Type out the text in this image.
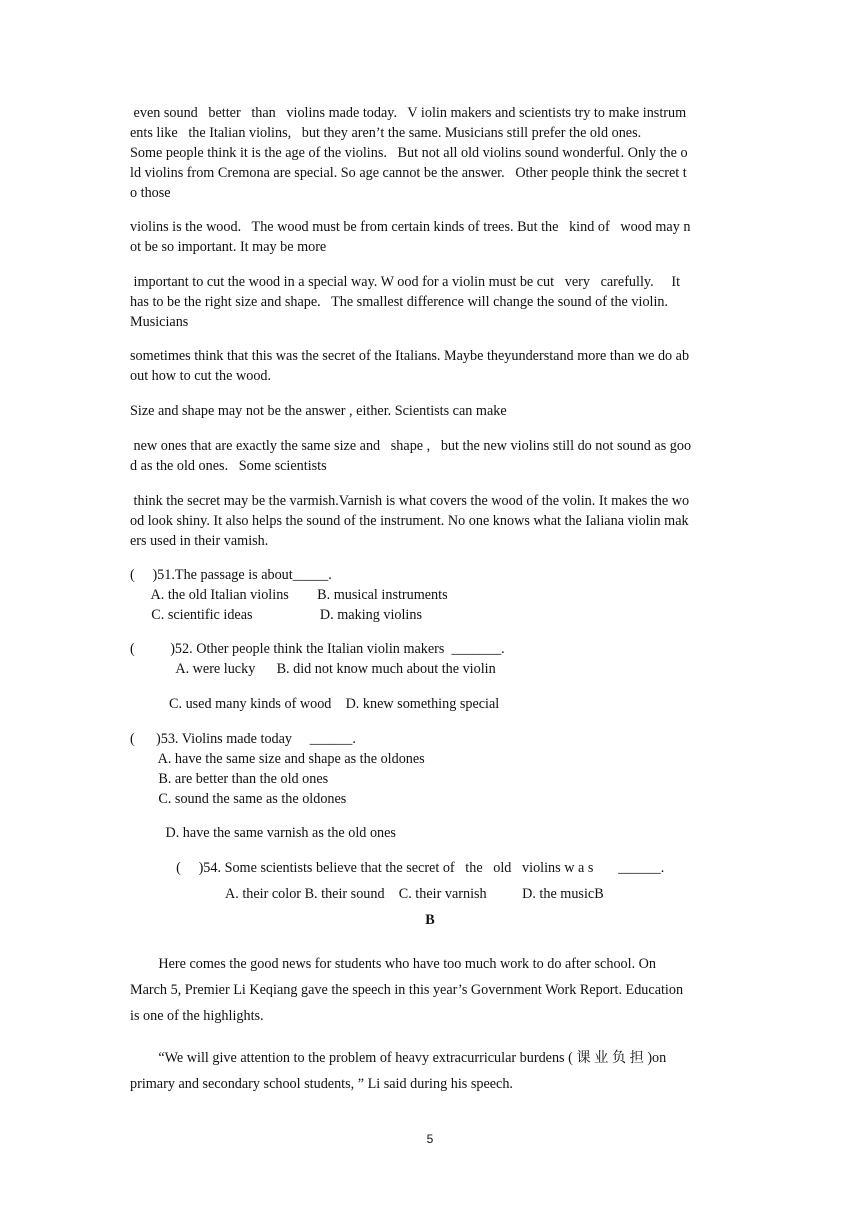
even sound   better   than   violins made today.   V iolin makers and scientists try to make instrum
ents like   the Italian violins,   but they aren’t the same. Musicians still prefer the old ones.
Some people think it is the age of the violins.   But not all old violins sound wonderful. Only the o
ld violins from Cremona are special. So age cannot be the answer.   Other people think the secret t
o those
violins is the wood.   The wood must be from certain kinds of trees. But the   kind of   wood may n
ot be so important. It may be more
important to cut the wood in a special way. W ood for a violin must be cut   very   carefully.     It
has to be the right size and shape.   The smallest difference will change the sound of the violin.
Musicians
sometimes think that this was the secret of the Italians. Maybe theyunderstand more than we do ab
out how to cut the wood.
Size and shape may not be the answer , either. Scientists can make
new ones that are exactly the same size and   shape ,   but the new violins still do not sound as goo
d as the old ones.   Some scientists
think the secret may be the varmish.Varnish is what covers the wood of the volin. It makes the wo
od look shiny. It also helps the sound of the instrument. No one knows what the Ialiana violin mak
ers used in their vamish.
(     )51.The passage is about_____.
A. the old Italian violins        B. musical instruments
C. scientific ideas                   D. making violins
(          )52. Other people think the Italian violin makers  _______.
A. were lucky      B. did not know much about the violin
C. used many kinds of wood    D. knew something special
(      )53. Violins made today     ______.
A. have the same size and shape as the oldones
B. are better than the old ones
C. sound the same as the oldones
D. have the same varnish as the old ones
(     )54. Some scientists believe that the secret of   the   old   violins w a s       ______.
A. their color B. their sound    C. their varnish          D. the musicB
B
Here comes the good news for students who have too much work to do after school. On
March 5, Premier Li Keqiang gave the speech in this year’s Government Work Report. Education
is one of the highlights.
“We will give attention to the problem of heavy extracurricular burdens ( 课 业 负 担 )on
primary and secondary school students, ” Li said during his speech.
5
